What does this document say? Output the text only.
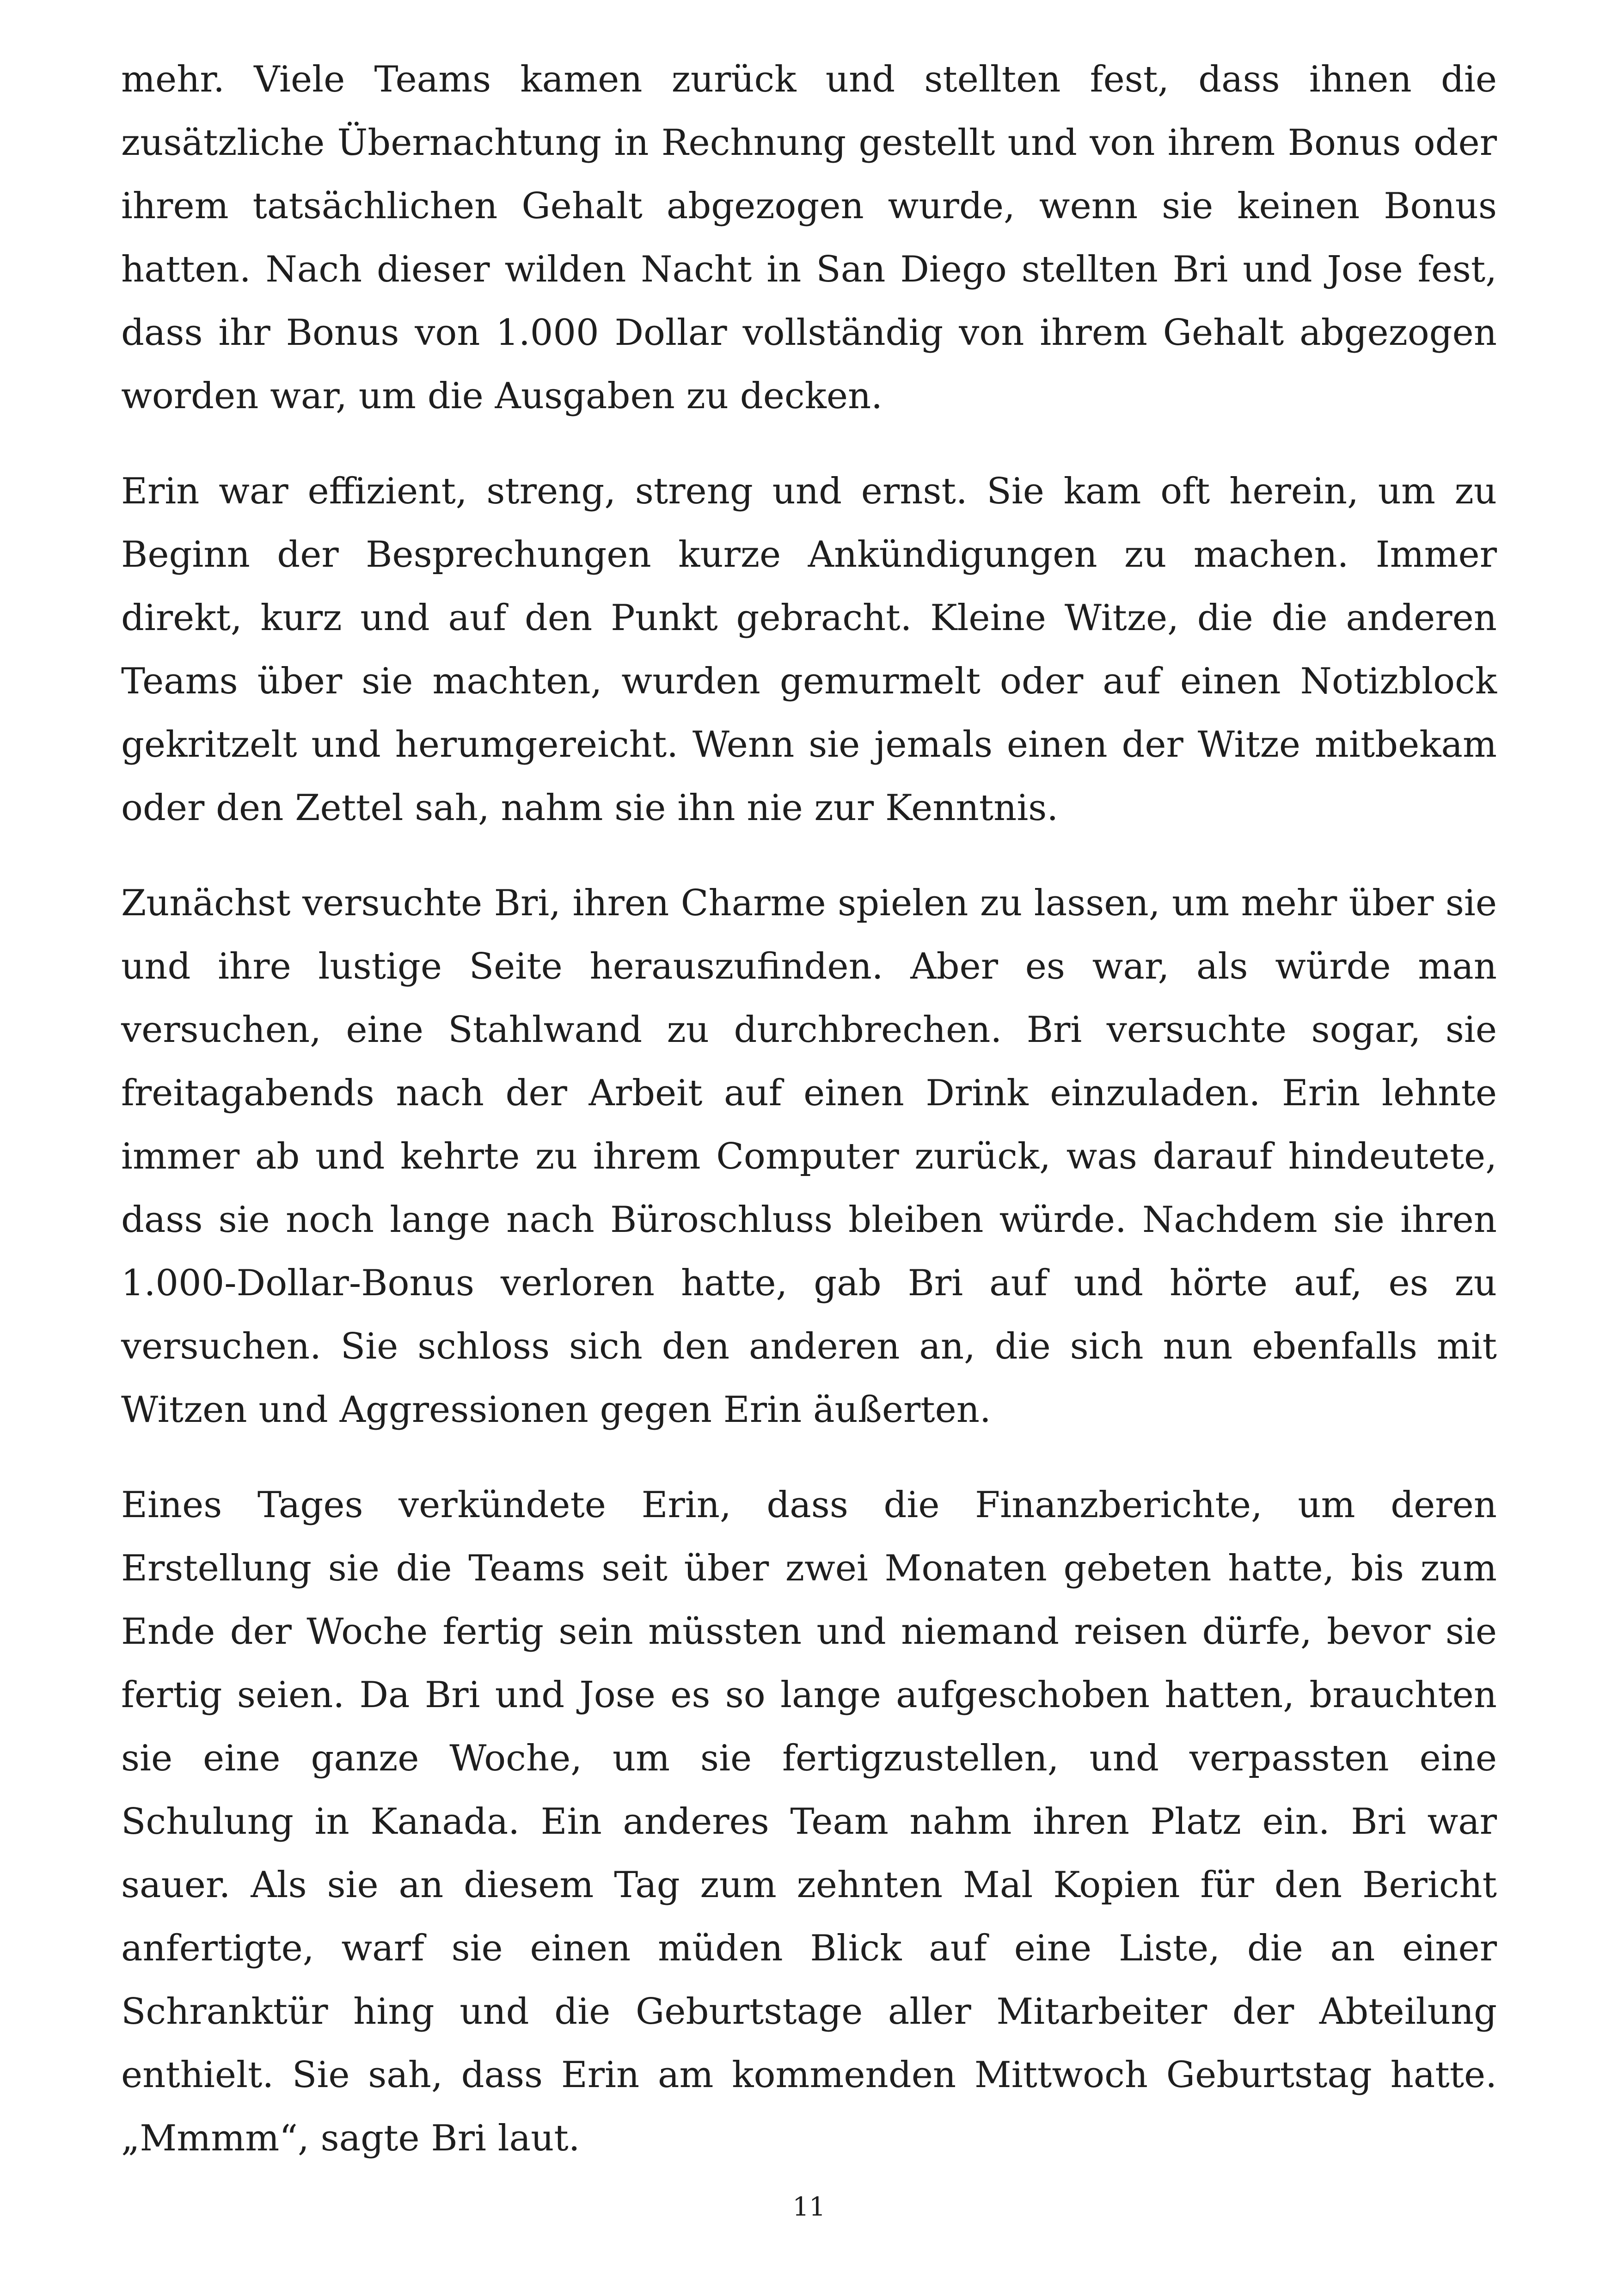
mehr. Viele Teams kamen zurück und stellten fest, dass ihnen die zusätzliche Übernachtung in Rechnung gestellt und von ihrem Bonus oder ihrem tatsächlichen Gehalt abgezogen wurde, wenn sie keinen Bonus hatten. Nach dieser wilden Nacht in San Diego stellten Bri und Jose fest, dass ihr Bonus von 1.000 Dollar vollständig von ihrem Gehalt abgezogen worden war, um die Ausgaben zu decken.

Erin war effizient, streng, streng und ernst. Sie kam oft herein, um zu Beginn der Besprechungen kurze Ankündigungen zu machen. Immer direkt, kurz und auf den Punkt gebracht. Kleine Witze, die die anderen Teams über sie machten, wurden gemurmelt oder auf einen Notizblock gekritzelt und herumgereicht. Wenn sie jemals einen der Witze mitbekam oder den Zettel sah, nahm sie ihn nie zur Kenntnis.

Zunächst versuchte Bri, ihren Charme spielen zu lassen, um mehr über sie und ihre lustige Seite herauszufinden. Aber es war, als würde man versuchen, eine Stahlwand zu durchbrechen. Bri versuchte sogar, sie freitagabends nach der Arbeit auf einen Drink einzuladen. Erin lehnte immer ab und kehrte zu ihrem Computer zurück, was darauf hindeutete, dass sie noch lange nach Büroschluss bleiben würde. Nachdem sie ihren 1.000-Dollar-Bonus verloren hatte, gab Bri auf und hörte auf, es zu versuchen. Sie schloss sich den anderen an, die sich nun ebenfalls mit Witzen und Aggressionen gegen Erin äußerten.

Eines Tages verkündete Erin, dass die Finanzberichte, um deren Erstellung sie die Teams seit über zwei Monaten gebeten hatte, bis zum Ende der Woche fertig sein müssten und niemand reisen dürfe, bevor sie fertig seien. Da Bri und Jose es so lange aufgeschoben hatten, brauchten sie eine ganze Woche, um sie fertigzustellen, und verpassten eine Schulung in Kanada. Ein anderes Team nahm ihren Platz ein. Bri war sauer. Als sie an diesem Tag zum zehnten Mal Kopien für den Bericht anfertigte, warf sie einen müden Blick auf eine Liste, die an einer Schranktür hing und die Geburtstage aller Mitarbeiter der Abteilung enthielt. Sie sah, dass Erin am kommenden Mittwoch Geburtstag hatte. „Mmmm“, sagte Bri laut.

11
